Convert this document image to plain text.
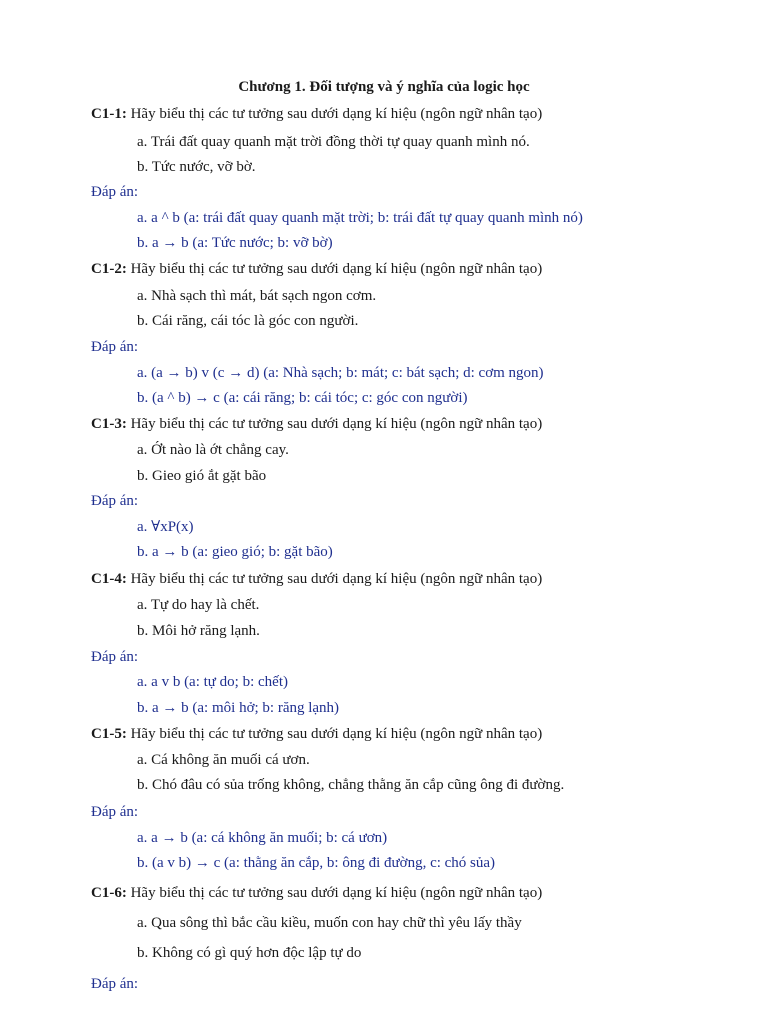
Chương 1. Đối tượng và ý nghĩa của logic học
C1-1: Hãy biểu thị các tư tưởng sau dưới dạng kí hiệu (ngôn ngữ nhân tạo)
a. Trái đất quay quanh mặt trời đồng thời tự quay quanh mình nó.
b. Tức nước, vỡ bờ.
Đáp án:
a. a ^ b (a: trái đất quay quanh mặt trời; b: trái đất tự quay quanh mình nó)
b. a → b (a: Tức nước; b: vỡ bờ)
C1-2: Hãy biểu thị các tư tưởng sau dưới dạng kí hiệu (ngôn ngữ nhân tạo)
a. Nhà sạch thì mát, bát sạch ngon cơm.
b. Cái răng, cái tóc là góc con người.
Đáp án:
a. (a → b) v (c → d) (a: Nhà sạch; b: mát; c: bát sạch; d: cơm ngon)
b. (a ^ b) → c (a: cái răng; b: cái tóc; c: góc con người)
C1-3: Hãy biểu thị các tư tưởng sau dưới dạng kí hiệu (ngôn ngữ nhân tạo)
a. Ớt nào là ớt chẳng cay.
b. Gieo gió ắt gặt bão
Đáp án:
a. ∀xP(x)
b. a → b (a: gieo gió; b: gặt bão)
C1-4: Hãy biểu thị các tư tưởng sau dưới dạng kí hiệu (ngôn ngữ nhân tạo)
a. Tự do hay là chết.
b. Môi hở răng lạnh.
Đáp án:
a. a v b (a: tự do; b: chết)
b. a → b (a: môi hở; b: răng lạnh)
C1-5: Hãy biểu thị các tư tưởng sau dưới dạng kí hiệu (ngôn ngữ nhân tạo)
a. Cá không ăn muối cá ươn.
b. Chó đâu có sủa trống không, chẳng thằng ăn cắp cũng ông đi đường.
Đáp án:
a. a → b (a: cá không ăn muối; b: cá ươn)
b. (a v b) → c (a: thằng ăn cắp, b: ông đi đường, c: chó sủa)
C1-6: Hãy biểu thị các tư tưởng sau dưới dạng kí hiệu (ngôn ngữ nhân tạo)
a. Qua sông thì bắc cầu kiều, muốn con hay chữ thì yêu lấy thầy
b. Không có gì quý hơn độc lập tự do
Đáp án:
